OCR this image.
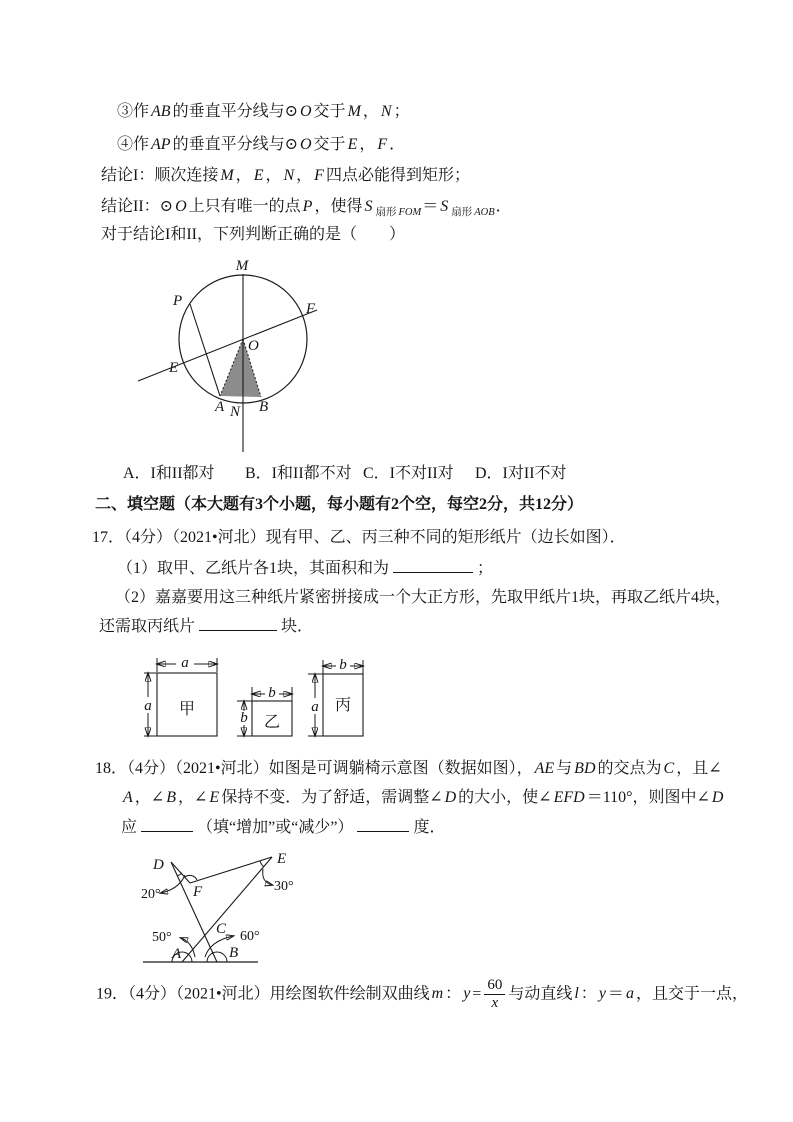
③作 AB 的垂直平分线与⊙ O 交于 M ， N ；
④作 AP 的垂直平分线与⊙ O 交于 E ， F ．
结论I：顺次连接 M ， E ， N ， F 四点必能得到矩形；
结论II：⊙ O 上只有唯一的点 P ，使得 S $_{扇形}$ $_{FOM}$＝ S $_{扇形}$ $_{AOB}$．
对于结论I和II，下列判断正确的是（　　）
M
P	F
O
E
A N B
A．I和II都对 B．I和II都不对 C．I不对II对 D．I对II不对
二、填空题（本大题有3个小题，每小题有2个空，每空2分，共12分）
17．（4分）（2021•河北）现有甲、乙、丙三种不同的矩形纸片（边长如图）．
（1）取甲、乙纸片各1块，其面积和为	；
（2）嘉嘉要用这三种纸片紧密拼接成一个大正方形，先取甲纸片1块，再取乙纸片4块，
还需取丙纸片	块．
a
a 甲
b
b 乙
b
a 丙
18．（4分）（2021•河北）如图是可调躺椅示意图（数据如图）， AE 与 BD 的交点为 C ，且∠
A ，∠ B ，∠ E 保持不变．为了舒适，需调整∠ D 的大小，使∠ EFD ＝110°，则图中∠ D
应	（填“增加”或“减少”）	度．
D	E
F
C
A	B
20°
30°
50°	60°
19．（4分）（2021•河北）用绘图软件绘制双曲线 m ： $y = \frac{60}{x}$ 与动直线 l ： y ＝ a ，且交于一点，
